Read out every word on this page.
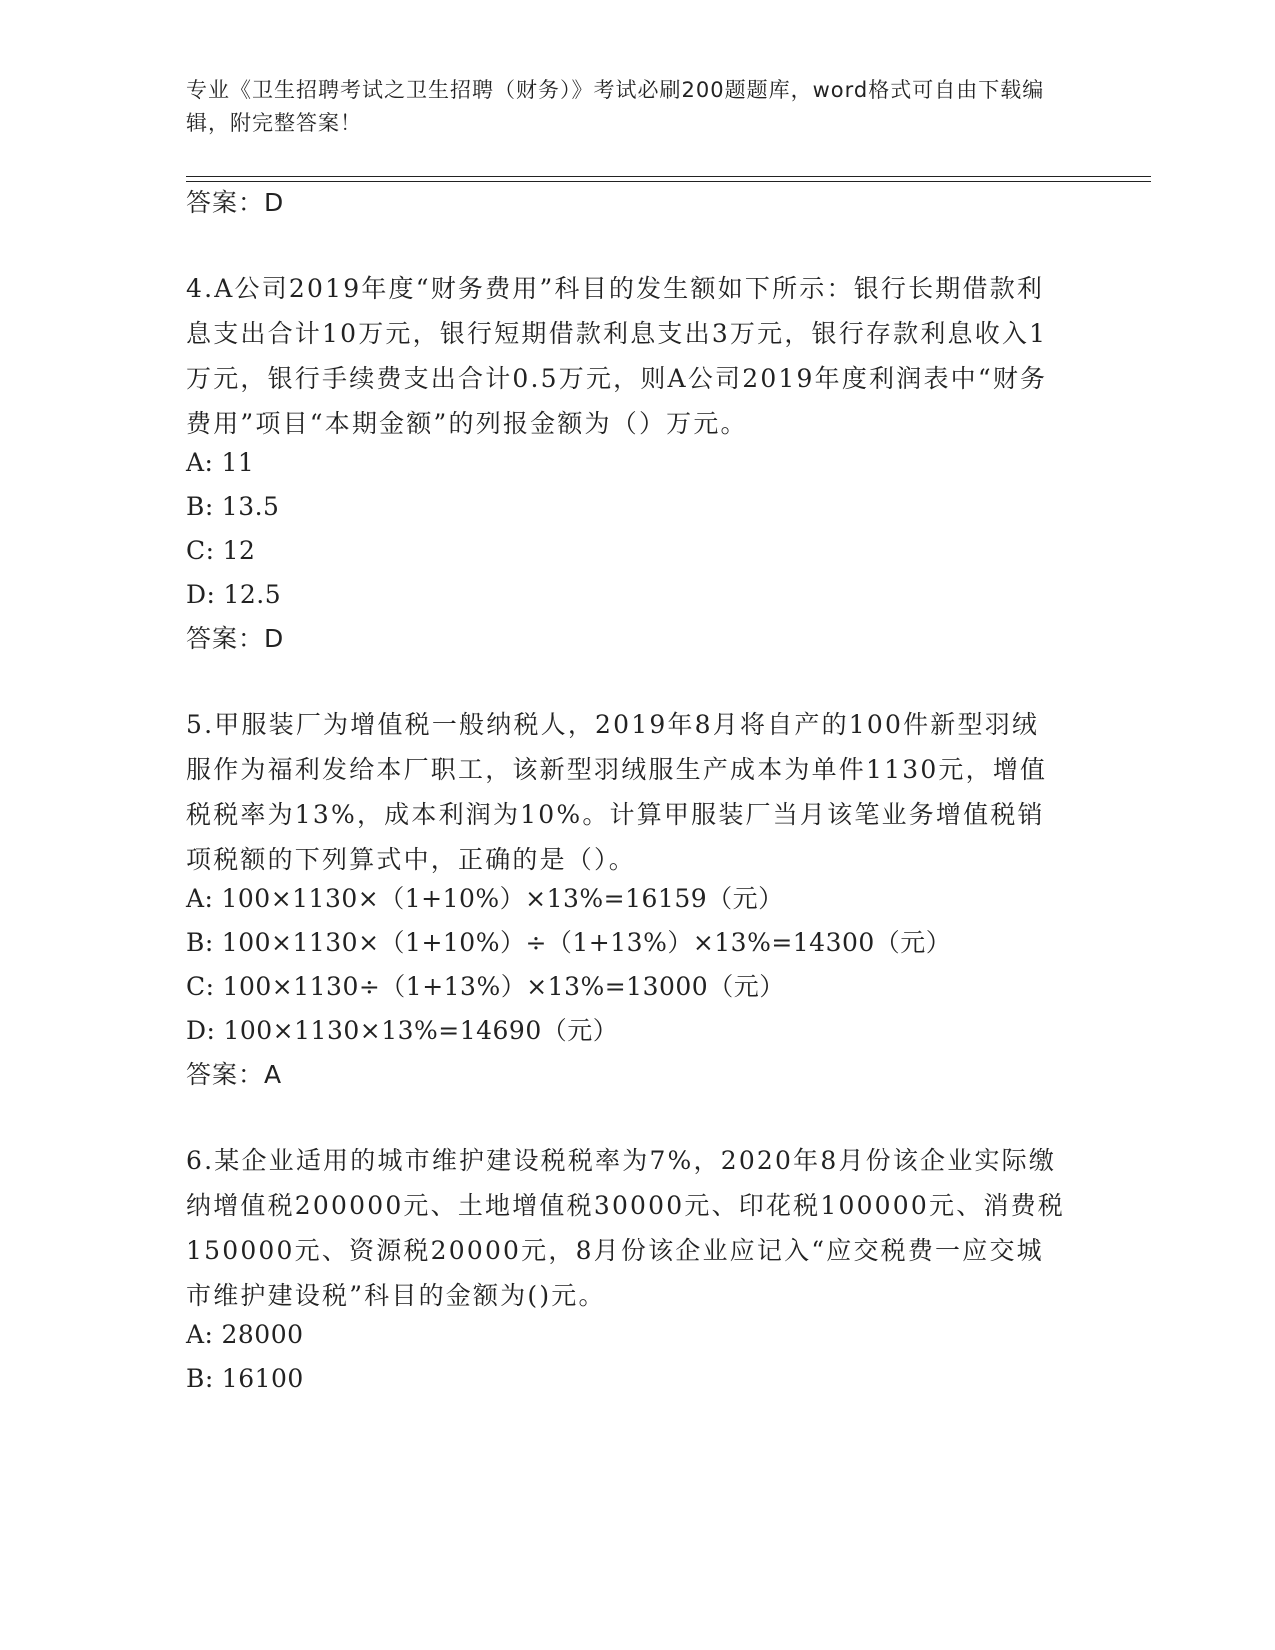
专业《卫生招聘考试之卫生招聘（财务）》考试必刷200题题库，word格式可自由下载编辑，附完整答案！
答案：D

4.A公司2019年度“财务费用”科目的发生额如下所示：银行长期借款利息支出合计10万元，银行短期借款利息支出3万元，银行存款利息收入1万元，银行手续费支出合计0.5万元，则A公司2019年度利润表中“财务费用”项目“本期金额”的列报金额为（）万元。

A: 11
B: 13.5
C: 12
D: 12.5
答案：D

5.甲服装厂为增值税一般纳税人，2019年8月将自产的100件新型羽绒服作为福利发给本厂职工，该新型羽绒服生产成本为单件1130元，增值税税率为13%，成本利润为10%。计算甲服装厂当月该笔业务增值税销项税额的下列算式中，正确的是（）。

A: 100×1130×（1+10%）×13%=16159（元）
B: 100×1130×（1+10%）÷（1+13%）×13%=14300（元）
C: 100×1130÷（1+13%）×13%=13000（元）
D: 100×1130×13%=14690（元）
答案：A

6.某企业适用的城市维护建设税税率为7%，2020年8月份该企业实际缴纳增值税200000元、土地增值税30000元、印花税100000元、消费税150000元、资源税20000元，8月份该企业应记入“应交税费一应交城市维护建设税”科目的金额为()元。

A: 28000
B: 16100
